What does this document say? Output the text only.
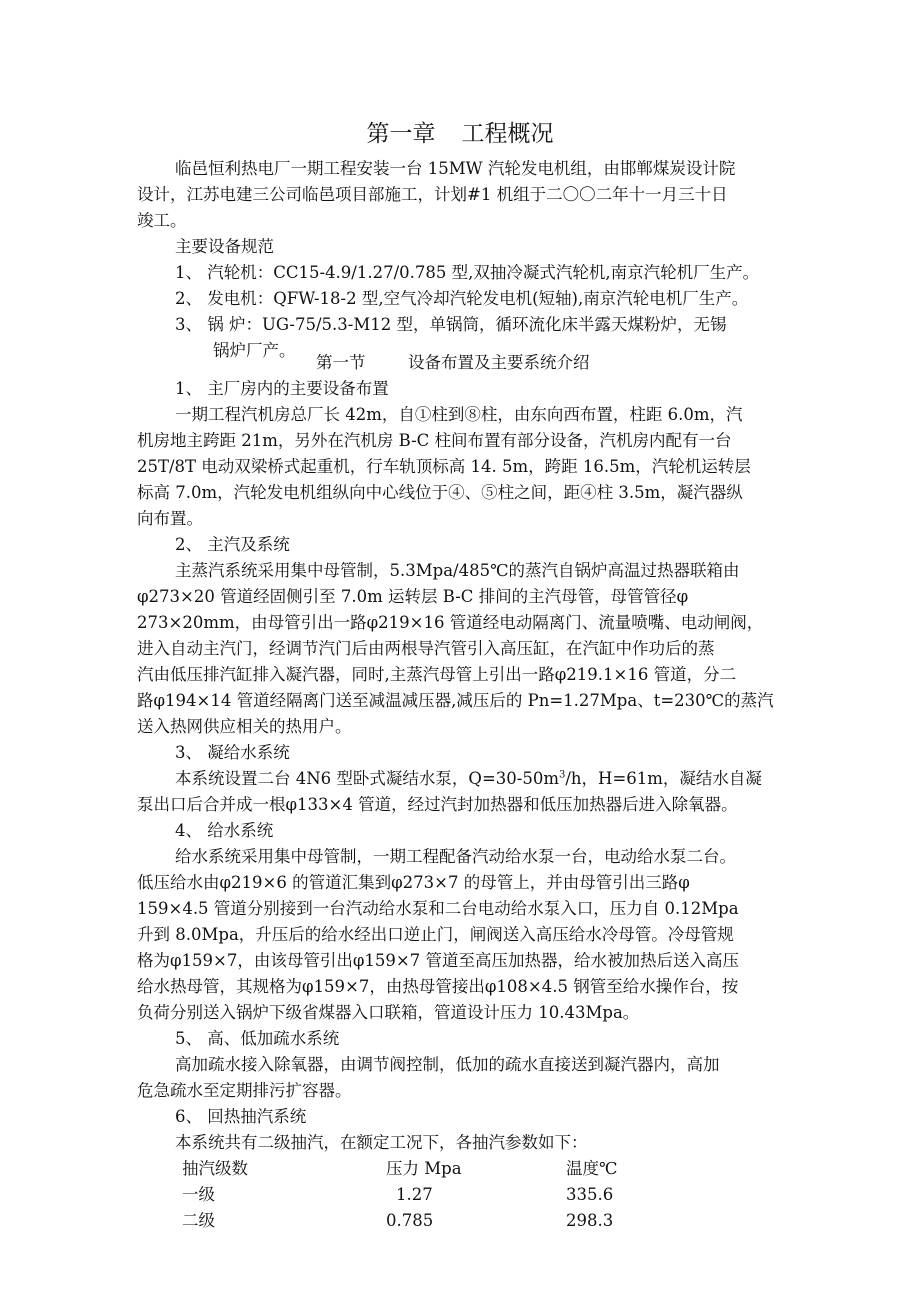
第一章 工程概况
临邑恒利热电厂一期工程安装一台 15MW 汽轮发电机组，由邯郸煤炭设计院
设计，江苏电建三公司临邑项目部施工，计划#1 机组于二〇〇二年十一月三十日
竣工。
主要设备规范
1、 汽轮机：CC15-4.9/1.27/0.785 型,双抽冷凝式汽轮机,南京汽轮机厂生产。
2、 发电机：QFW-18-2 型,空气冷却汽轮发电机(短轴),南京汽轮电机厂生产。
3、 锅 炉：UG-75/5.3-M12 型，单锅筒，循环流化床半露天煤粉炉，无锡
锅炉厂产。
第一节	设备布置及主要系统介绍
1、 主厂房内的主要设备布置
一期工程汽机房总厂长 42m，自①柱到⑧柱，由东向西布置，柱距 6.0m，汽
机房地主跨距 21m，另外在汽机房 B-C 柱间布置有部分设备，汽机房内配有一台
25T/8T 电动双梁桥式起重机，行车轨顶标高 14. 5m，跨距 16.5m，汽轮机运转层
标高 7.0m，汽轮发电机组纵向中心线位于④、⑤柱之间，距④柱 3.5m，凝汽器纵
向布置。
2、 主汽及系统
主蒸汽系统采用集中母管制，5.3Mpa/485℃的蒸汽自锅炉高温过热器联箱由
φ273×20 管道经固侧引至 7.0m 运转层 B-C 排间的主汽母管，母管管径φ
273×20mm，由母管引出一路φ219×16 管道经电动隔离门、流量喷嘴、电动闸阀，
进入自动主汽门，经调节汽门后由两根导汽管引入高压缸，在汽缸中作功后的蒸
汽由低压排汽缸排入凝汽器，同时,主蒸汽母管上引出一路φ219.1×16 管道，分二
路φ194×14 管道经隔离门送至减温减压器,减压后的 Pn=1.27Mpa、t=230℃的蒸汽
送入热网供应相关的热用户。
3、 凝给水系统
本系统设置二台 4N6 型卧式凝结水泵，$Q=30-50m^3/h$，H=61m，凝结水自凝
泵出口后合并成一根φ133×4 管道，经过汽封加热器和低压加热器后进入除氧器。
4、 给水系统
给水系统采用集中母管制，一期工程配备汽动给水泵一台，电动给水泵二台。
低压给水由φ219×6 的管道汇集到φ273×7 的母管上，并由母管引出三路φ
159×4.5 管道分别接到一台汽动给水泵和二台电动给水泵入口，压力自 0.12Mpa
升到 8.0Mpa，升压后的给水经出口逆止门，闸阀送入高压给水冷母管。冷母管规
格为φ159×7，由该母管引出φ159×7 管道至高压加热器，给水被加热后送入高压
给水热母管，其规格为φ159×7，由热母管接出φ108×4.5 钢管至给水操作台，按
负荷分别送入锅炉下级省煤器入口联箱，管道设计压力 10.43Mpa。
5、 高、低加疏水系统
高加疏水接入除氧器，由调节阀控制，低加的疏水直接送到凝汽器内，高加
危急疏水至定期排污扩容器。
6、 回热抽汽系统
本系统共有二级抽汽，在额定工况下，各抽汽参数如下：
抽汽级数	压力 Mpa	温度℃
一级	1.27	335.6
二级	0.785	298.3
